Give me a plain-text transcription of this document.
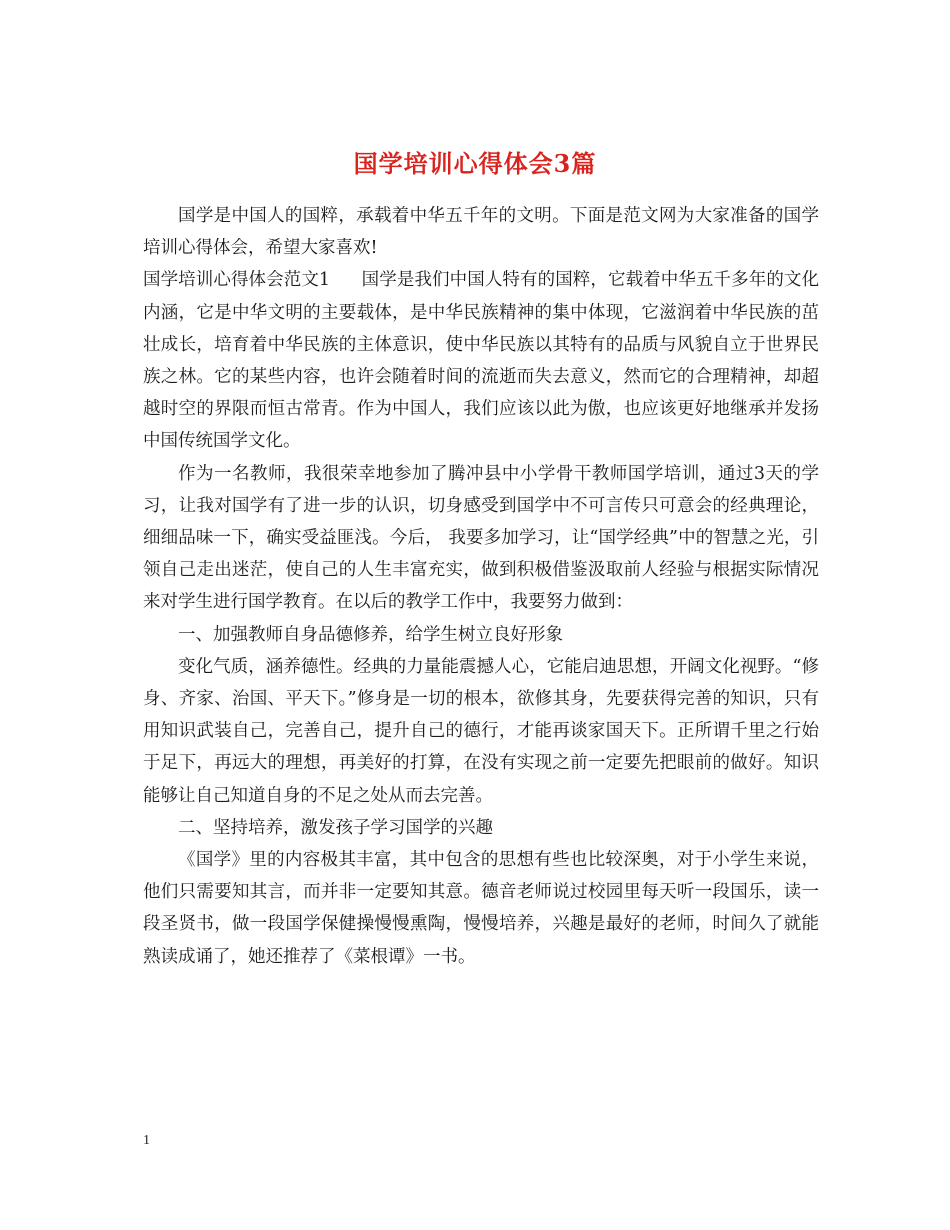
国学培训心得体会3篇

国学是中国人的国粹，承载着中华五千年的文明。下面是范文网为大家准备的国学培训心得体会，希望大家喜欢!

国学培训心得体会范文1 国学是我们中国人特有的国粹，它载着中华五千多年的文化内涵，它是中华文明的主要载体，是中华民族精神的集中体现，它滋润着中华民族的茁壮成长，培育着中华民族的主体意识，使中华民族以其特有的品质与风貌自立于世界民族之林。它的某些内容，也许会随着时间的流逝而失去意义，然而它的合理精神，却超越时空的界限而恒古常青。作为中国人，我们应该以此为傲，也应该更好地继承并发扬中国传统国学文化。

作为一名教师，我很荣幸地参加了腾冲县中小学骨干教师国学培训，通过3天的学习，让我对国学有了进一步的认识，切身感受到国学中不可言传只可意会的经典理论，细细品味一下，确实受益匪浅。今后， 我要多加学习，让“国学经典”中的智慧之光，引领自己走出迷茫，使自己的人生丰富充实，做到积极借鉴汲取前人经验与根据实际情况来对学生进行国学教育。在以后的教学工作中，我要努力做到：

一、加强教师自身品德修养，给学生树立良好形象

变化气质，涵养德性。经典的力量能震撼人心，它能启迪思想，开阔文化视野。“修身、齐家、治国、平天下。”修身是一切的根本，欲修其身，先要获得完善的知识，只有用知识武装自己，完善自己，提升自己的德行，才能再谈家国天下。正所谓千里之行始于足下，再远大的理想，再美好的打算，在没有实现之前一定要先把眼前的做好。知识能够让自己知道自身的不足之处从而去完善。

二、坚持培养，激发孩子学习国学的兴趣

《国学》里的内容极其丰富，其中包含的思想有些也比较深奥，对于小学生来说，他们只需要知其言，而并非一定要知其意。德音老师说过校园里每天听一段国乐，读一段圣贤书，做一段国学保健操慢慢熏陶，慢慢培养，兴趣是最好的老师，时间久了就能熟读成诵了，她还推荐了《菜根谭》一书。

1
